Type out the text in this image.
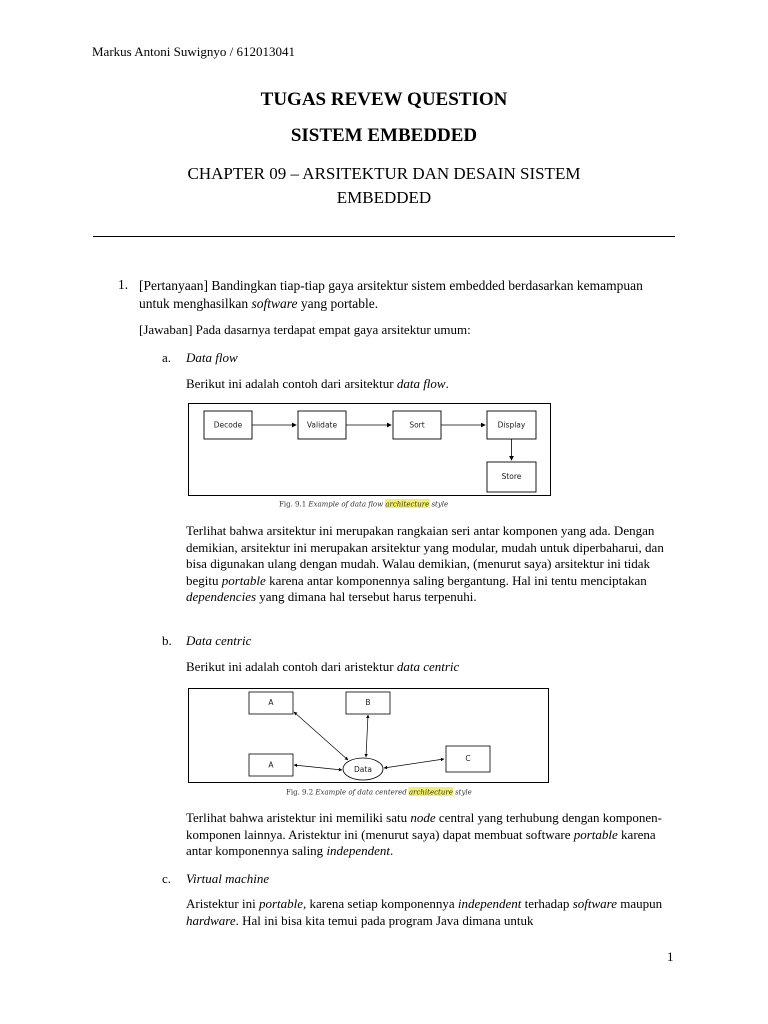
Markus Antoni Suwignyo / 612013041
TUGAS REVEW QUESTION
SISTEM EMBEDDED
CHAPTER 09 – ARSITEKTUR DAN DESAIN SISTEM EMBEDDED
1. [Pertanyaan] Bandingkan tiap-tiap gaya arsitektur sistem embedded berdasarkan kemampuan untuk menghasilkan software yang portable.
[Jawaban] Pada dasarnya terdapat empat gaya arsitektur umum:
a. Data flow
Berikut ini adalah contoh dari arsitektur data flow.
Decode	Validate	Sort	Display
Store
Fig. 9.1 Example of data flow architecture style
Terlihat bahwa arsitektur ini merupakan rangkaian seri antar komponen yang ada. Dengan demikian, arsitektur ini merupakan arsitektur yang modular, mudah untuk diperbaharui, dan bisa digunakan ulang dengan mudah. Walau demikian, (menurut saya) arsitektur ini tidak begitu portable karena antar komponennya saling bergantung. Hal ini tentu menciptakan dependencies yang dimana hal tersebut harus terpenuhi.
b. Data centric
Berikut ini adalah contoh dari aristektur data centric
A	B
A
C
Data
Fig. 9.2 Example of data centered architecture style
Terlihat bahwa aristektur ini memiliki satu node central yang terhubung dengan komponen-komponen lainnya. Aristektur ini (menurut saya) dapat membuat software portable karena antar komponennya saling independent.
c. Virtual machine
Aristektur ini portable, karena setiap komponennya independent terhadap software maupun hardware. Hal ini bisa kita temui pada program Java dimana untuk
1
